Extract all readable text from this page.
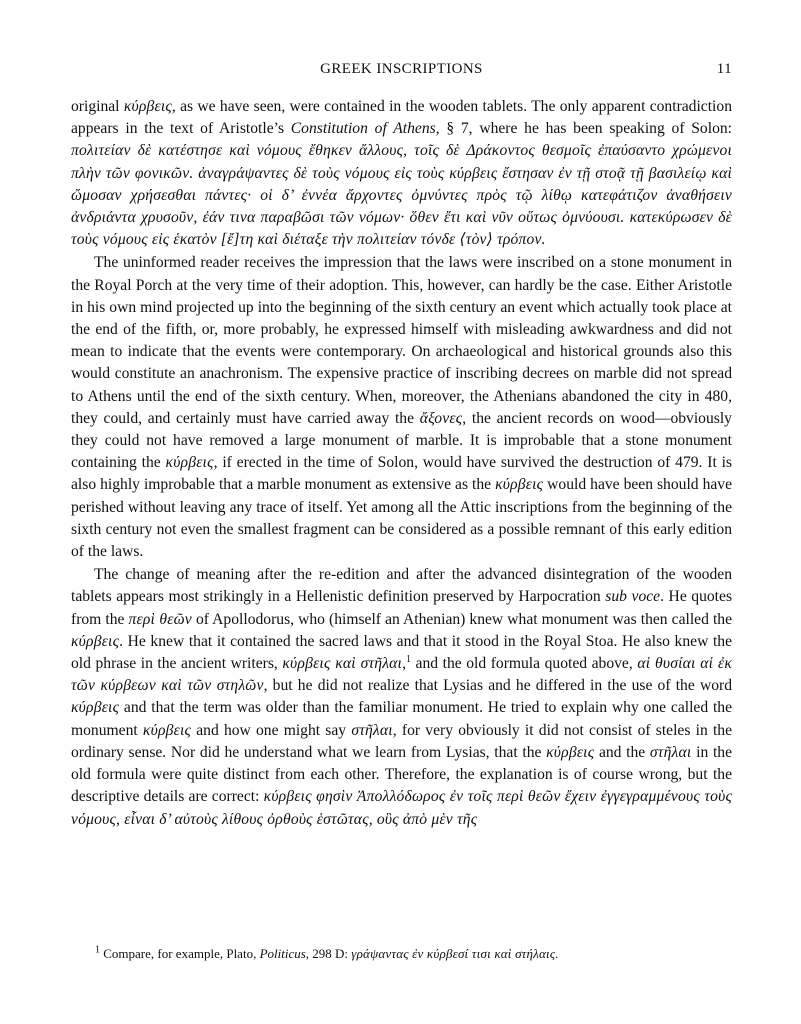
GREEK INSCRIPTIONS	11

original κύρβεις, as we have seen, were contained in the wooden tablets. The only apparent contradiction appears in the text of Aristotle’s Constitution of Athens, § 7, where he has been speaking of Solon: πολιτείαν δὲ κατέστησε καὶ νόμους ἔθηκεν ἄλλους, τοῖς δὲ Δράκοντος θεσμοῖς ἐπαύσαντο χρώμενοι πλὴν τῶν φονικῶν. ἀναγράψαντες δὲ τοὺς νόμους εἰς τοὺς κύρβεις ἔστησαν ἐν τῇ στοᾷ τῇ βασιλείῳ καὶ ὤμοσαν χρήσεσθαι πάντες· οἱ δ’ ἐννέα ἄρχοντες ὀμνύντες πρὸς τῷ λίθῳ κατεφάτιζον ἀναθήσειν ἀνδριάντα χρυσοῦν, ἐάν τινα παραβῶσι τῶν νόμων· ὅθεν ἔτι καὶ νῦν οὕτως ὀμνύουσι. κατεκύρωσεν δὲ τοὺς νόμους εἰς ἑκατὸν [ἔ]τη καὶ διέταξε τὴν πολιτείαν τόνδε ⟨τὸν⟩ τρόπον.

The uninformed reader receives the impression that the laws were inscribed on a stone monument in the Royal Porch at the very time of their adoption. This, however, can hardly be the case. Either Aristotle in his own mind projected up into the beginning of the sixth century an event which actually took place at the end of the fifth, or, more probably, he expressed himself with misleading awkwardness and did not mean to indicate that the events were contemporary. On archaeological and historical grounds also this would constitute an anachronism. The expensive practice of inscribing decrees on marble did not spread to Athens until the end of the sixth century. When, moreover, the Athenians abandoned the city in 480, they could, and certainly must have carried away the ἄξονες, the ancient records on wood—obviously they could not have removed a large monument of marble. It is improbable that a stone monument containing the κύρβεις, if erected in the time of Solon, would have survived the destruction of 479. It is also highly improbable that a marble monument as extensive as the κύρβεις would have been should have perished without leaving any trace of itself. Yet among all the Attic inscriptions from the beginning of the sixth century not even the smallest fragment can be considered as a possible remnant of this early edition of the laws.

The change of meaning after the re-edition and after the advanced disintegration of the wooden tablets appears most strikingly in a Hellenistic definition preserved by Harpocration sub voce. He quotes from the περὶ θεῶν of Apollodorus, who (himself an Athenian) knew what monument was then called the κύρβεις. He knew that it contained the sacred laws and that it stood in the Royal Stoa. He also knew the old phrase in the ancient writers, κύρβεις καὶ στῆλαι,$^1$ and the old formula quoted above, αἱ θυσίαι αἱ ἐκ τῶν κύρβεων καὶ τῶν στηλῶν, but he did not realize that Lysias and he differed in the use of the word κύρβεις and that the term was older than the familiar monument. He tried to explain why one called the monument κύρβεις and how one might say στῆλαι, for very obviously it did not consist of steles in the ordinary sense. Nor did he understand what we learn from Lysias, that the κύρβεις and the στῆλαι in the old formula were quite distinct from each other. Therefore, the explanation is of course wrong, but the descriptive details are correct: κύρβεις φησὶν Ἀπολλόδωρος ἐν τοῖς περὶ θεῶν ἔχειν ἐγγεγραμμένους τοὺς νόμους, εἶναι δ’ αὐτοὺς λίθους ὀρθοὺς ἑστῶτας, οὓς ἀπὸ μὲν τῆς

$^1$ Compare, for example, Plato, Politicus, 298 D: γράψαντας ἐν κύρβεσί τισι καὶ στήλαις.
